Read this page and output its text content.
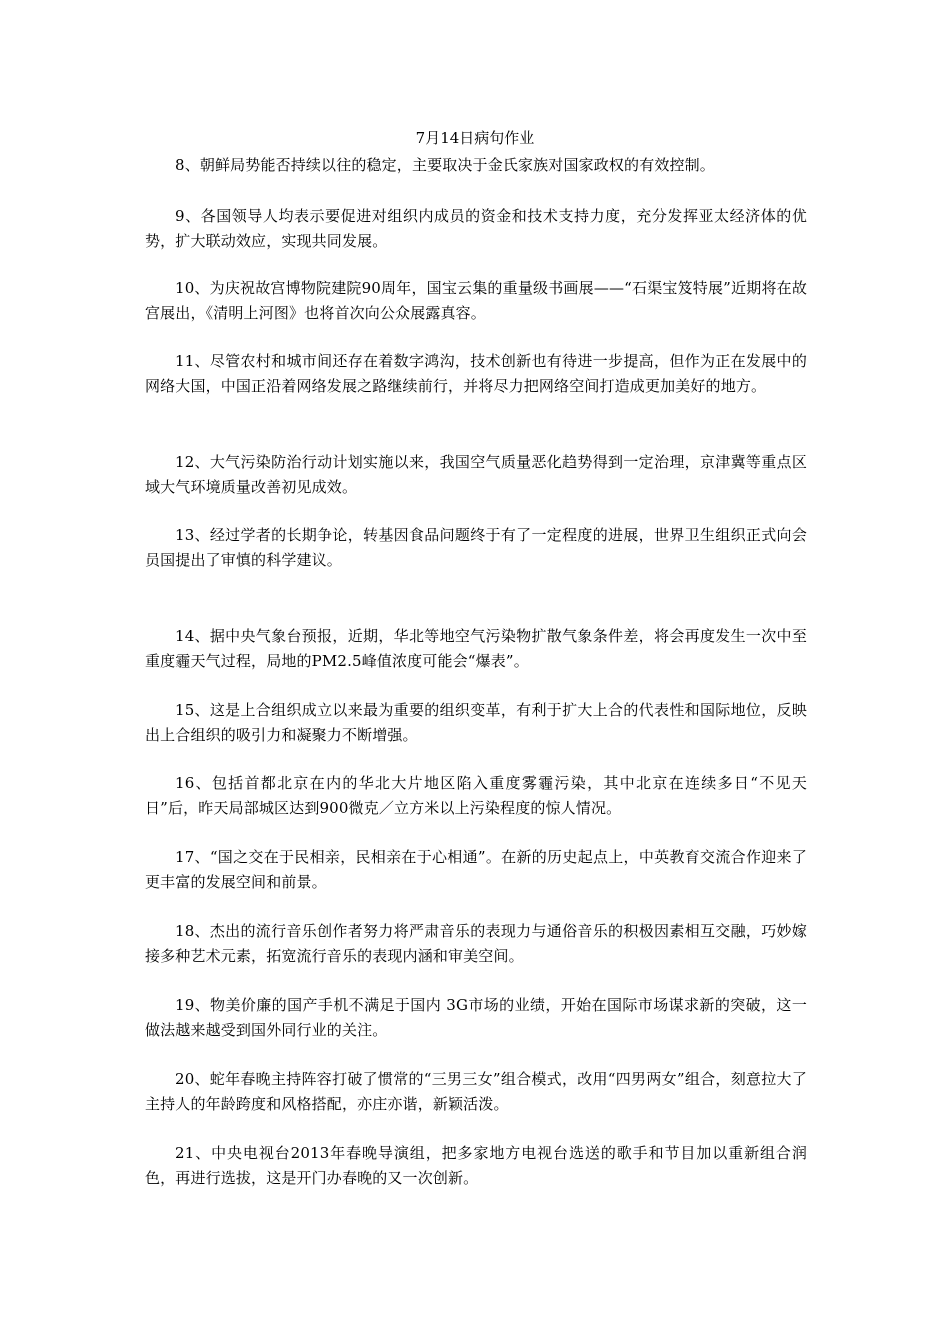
7月14日病句作业

8、朝鲜局势能否持续以往的稳定，主要取决于金氏家族对国家政权的有效控制。

9、各国领导人均表示要促进对组织内成员的资金和技术支持力度，充分发挥亚太经济体的优势，扩大联动效应，实现共同发展。

10、为庆祝故宫博物院建院90周年，国宝云集的重量级书画展——“石渠宝笈特展”近期将在故宫展出，《清明上河图》也将首次向公众展露真容。

11、尽管农村和城市间还存在着数字鸿沟，技术创新也有待进一步提高，但作为正在发展中的网络大国，中国正沿着网络发展之路继续前行，并将尽力把网络空间打造成更加美好的地方。

12、大气污染防治行动计划实施以来，我国空气质量恶化趋势得到一定治理，京津冀等重点区域大气环境质量改善初见成效。

13、经过学者的长期争论，转基因食品问题终于有了一定程度的进展，世界卫生组织正式向会员国提出了审慎的科学建议。

14、据中央气象台预报，近期，华北等地空气污染物扩散气象条件差，将会再度发生一次中至重度霾天气过程，局地的PM2.5峰值浓度可能会“爆表”。

15、这是上合组织成立以来最为重要的组织变革，有利于扩大上合的代表性和国际地位，反映出上合组织的吸引力和凝聚力不断增强。

16、包括首都北京在内的华北大片地区陷入重度雾霾污染，其中北京在连续多日“不见天日”后，昨天局部城区达到900微克／立方米以上污染程度的惊人情况。

17、“国之交在于民相亲，民相亲在于心相通”。在新的历史起点上，中英教育交流合作迎来了更丰富的发展空间和前景。

18、杰出的流行音乐创作者努力将严肃音乐的表现力与通俗音乐的积极因素相互交融，巧妙嫁接多种艺术元素，拓宽流行音乐的表现内涵和审美空间。

19、物美价廉的国产手机不满足于国内 3G市场的业绩，开始在国际市场谋求新的突破，这一做法越来越受到国外同行业的关注。

20、蛇年春晚主持阵容打破了惯常的“三男三女”组合模式，改用“四男两女”组合，刻意拉大了主持人的年龄跨度和风格搭配，亦庄亦谐，新颖活泼。

21、中央电视台2013年春晚导演组，把多家地方电视台选送的歌手和节目加以重新组合润色，再进行选拔，这是开门办春晚的又一次创新。
